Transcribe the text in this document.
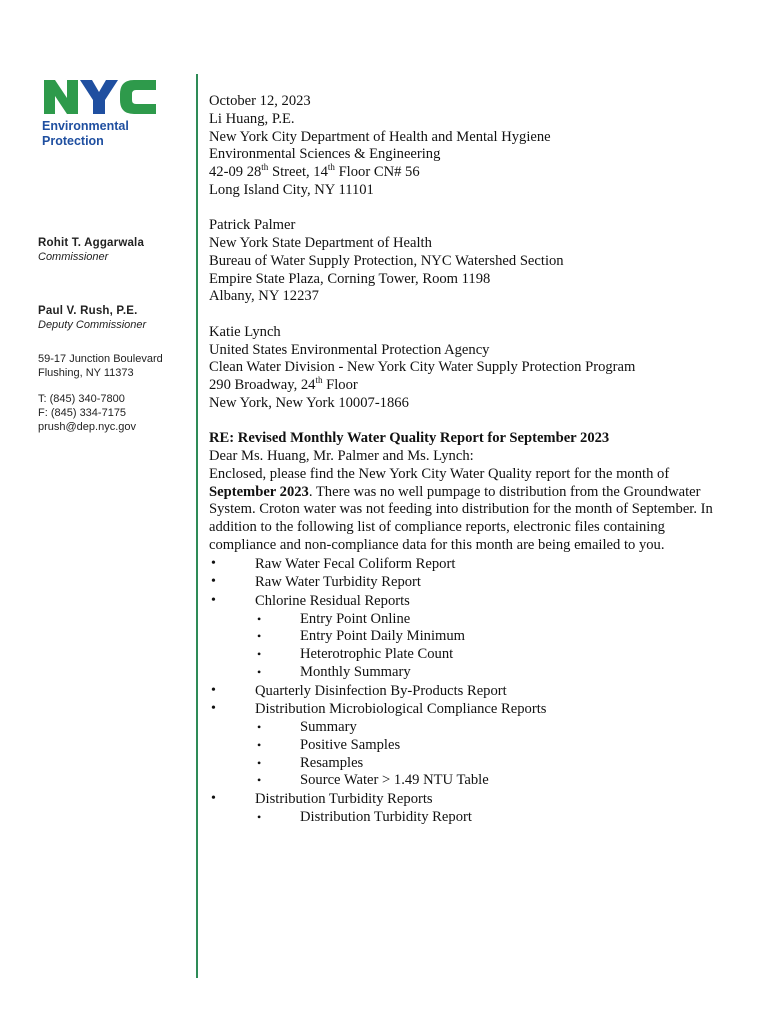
Environmental
Protection
Rohit T. Aggarwala
Commissioner
Paul V. Rush, P.E.
Deputy Commissioner
59-17 Junction Boulevard
Flushing, NY 11373
T: (845) 340-7800
F: (845) 334-7175
prush@dep.nyc.gov

October 12, 2023

Li Huang, P.E.

New York City Department of Health and Mental Hygiene

Environmental Sciences & Engineering

42-09 28th Street, 14th Floor CN# 56

Long Island City, NY 11101

Patrick Palmer

New York State Department of Health

Bureau of Water Supply Protection, NYC Watershed Section

Empire State Plaza, Corning Tower, Room 1198

Albany, NY 12237

Katie Lynch

United States Environmental Protection Agency

Clean Water Division - New York City Water Supply Protection Program

290 Broadway, 24th Floor

New York, New York 10007-1866

RE: Revised Monthly Water Quality Report for September 2023

Dear Ms. Huang, Mr. Palmer and Ms. Lynch:

Enclosed, please find the New York City Water Quality report for the month of September 2023. There was no well pumpage to distribution from the Groundwater System. Croton water was not feeding into distribution for the month of September. In addition to the following list of compliance reports, electronic files containing compliance and non-compliance data for this month are being emailed to you.

• Raw Water Fecal Coliform Report
• Raw Water Turbidity Report
• Chlorine Residual Reports
• Entry Point Online
• Entry Point Daily Minimum
• Heterotrophic Plate Count
• Monthly Summary
• Quarterly Disinfection By-Products Report
• Distribution Microbiological Compliance Reports
• Summary
• Positive Samples
• Resamples
• Source Water > 1.49 NTU Table
• Distribution Turbidity Reports
• Distribution Turbidity Report
